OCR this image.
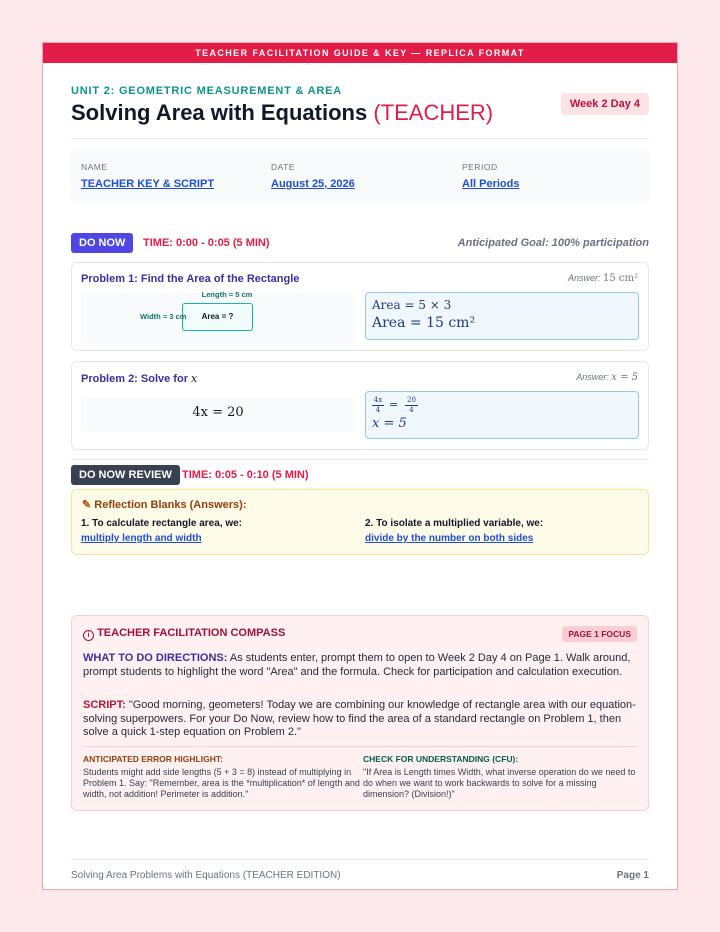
TEACHER FACILITATION GUIDE & KEY — REPLICA FORMAT
UNIT 2: GEOMETRIC MEASUREMENT & AREA
Solving Area with Equations (TEACHER)	Week 2 Day 4
NAME
TEACHER KEY & SCRIPT
DATE
August 25, 2026
PERIOD
All Periods
DO NOW TIME: 0:00 - 0:05 (5 MIN)	Anticipated Goal: 100% participation
Problem 1: Find the Area of the Rectangle	Answer: 15 cm²
Length = 5 cm
Area = ?
Width = 3 cm
Area = 5 × 3
Area = 15 cm²
Problem 2: Solve for x	Answer: x = 5
4x = 20
4x
4 = 20
4
x = 5
DO NOW REVIEW TIME: 0:05 - 0:10 (5 MIN)
✎ Reflection Blanks (Answers):
1. To calculate rectangle area, we:
multiply length and width
2. To isolate a multiplied variable, we:
divide by the number on both sides
i TEACHER FACILITATION COMPASS	PAGE 1 FOCUS
WHAT TO DO DIRECTIONS: As students enter, prompt them to open to Week 2 Day 4 on Page 1. Walk around, prompt students to highlight the word "Area" and the formula. Check for participation and calculation execution.
SCRIPT: "Good morning, geometers! Today we are combining our knowledge of rectangle area with our equation-solving superpowers. For your Do Now, review how to find the area of a standard rectangle on Problem 1, then solve a quick 1-step equation on Problem 2."
ANTICIPATED ERROR HIGHLIGHT:
Students might add side lengths (5 + 3 = 8) instead of multiplying in Problem 1. Say: "Remember, area is the *multiplication* of length and width, not addition! Perimeter is addition."
CHECK FOR UNDERSTANDING (CFU):
"If Area is Length times Width, what inverse operation do we need to do when we want to work backwards to solve for a missing dimension? (Division!)"
Solving Area Problems with Equations (TEACHER EDITION)	Page 1
